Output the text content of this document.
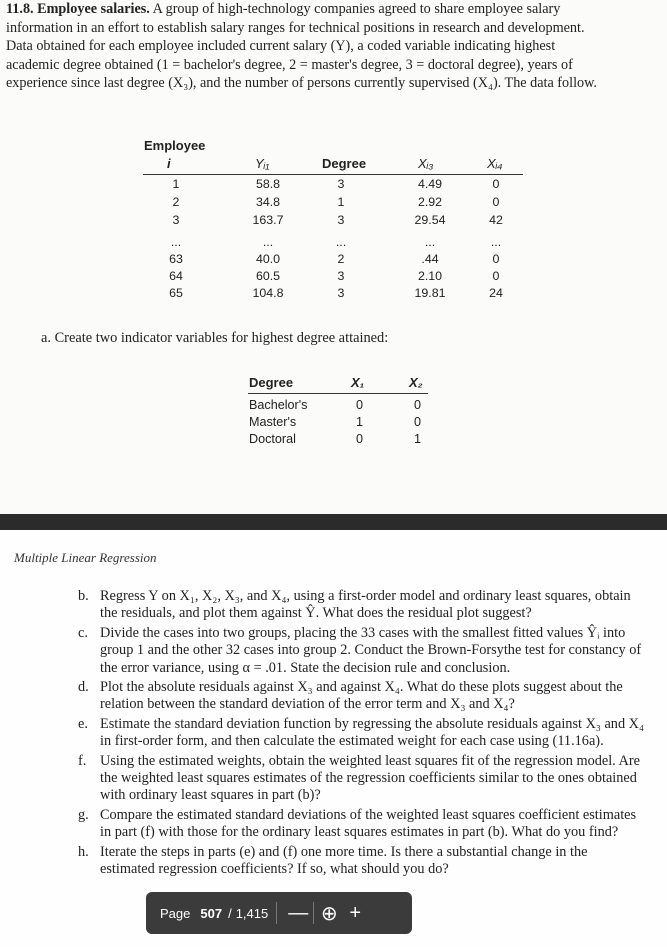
11.8. Employee salaries. A group of high-technology companies agreed to share employee salary information in an effort to establish salary ranges for technical positions in research and development. Data obtained for each employee included current salary (Y), a coded variable indicating highest academic degree obtained (1 = bachelor's degree, 2 = master's degree, 3 = doctoral degree), years of experience since last degree (X₃), and the number of persons currently supervised (X₄). The data follow.
Employee
i	Yᵢ₁	Degree	Xᵢ₃	Xᵢ₄
1	58.8	3	4.49	0
2	34.8	1	2.92	0
3	163.7	3	29.54	42
...	...	...	...	...
63	40.0	2	.44	0
64	60.5	3	2.10	0
65	104.8	3	19.81	24
a. Create two indicator variables for highest degree attained:
Degree	X₁	X₂
Bachelor's	0	0
Master's	1	0
Doctoral	0	1
Multiple Linear Regression
b. Regress Y on X₁, X₂, X₃, and X₄, using a first-order model and ordinary least squares, obtain the residuals, and plot them against Ŷ. What does the residual plot suggest?
c. Divide the cases into two groups, placing the 33 cases with the smallest fitted values Ŷᵢ into group 1 and the other 32 cases into group 2. Conduct the Brown-Forsythe test for constancy of the error variance, using α = .01. State the decision rule and conclusion.
d. Plot the absolute residuals against X₃ and against X₄. What do these plots suggest about the relation between the standard deviation of the error term and X₃ and X₄?
e. Estimate the standard deviation function by regressing the absolute residuals against X₃ and X₄ in first-order form, and then calculate the estimated weight for each case using (11.16a).
f. Using the estimated weights, obtain the weighted least squares fit of the regression model. Are the weighted least squares estimates of the regression coefficients similar to the ones obtained with ordinary least squares in part (b)?
g. Compare the estimated standard deviations of the weighted least squares coefficient estimates in part (f) with those for the ordinary least squares estimates in part (b). What do you find?
h. Iterate the steps in parts (e) and (f) one more time. Is there a substantial change in the estimated regression coefficients? If so, what should you do?
Page 507 / 1,415 — ⊕ +
